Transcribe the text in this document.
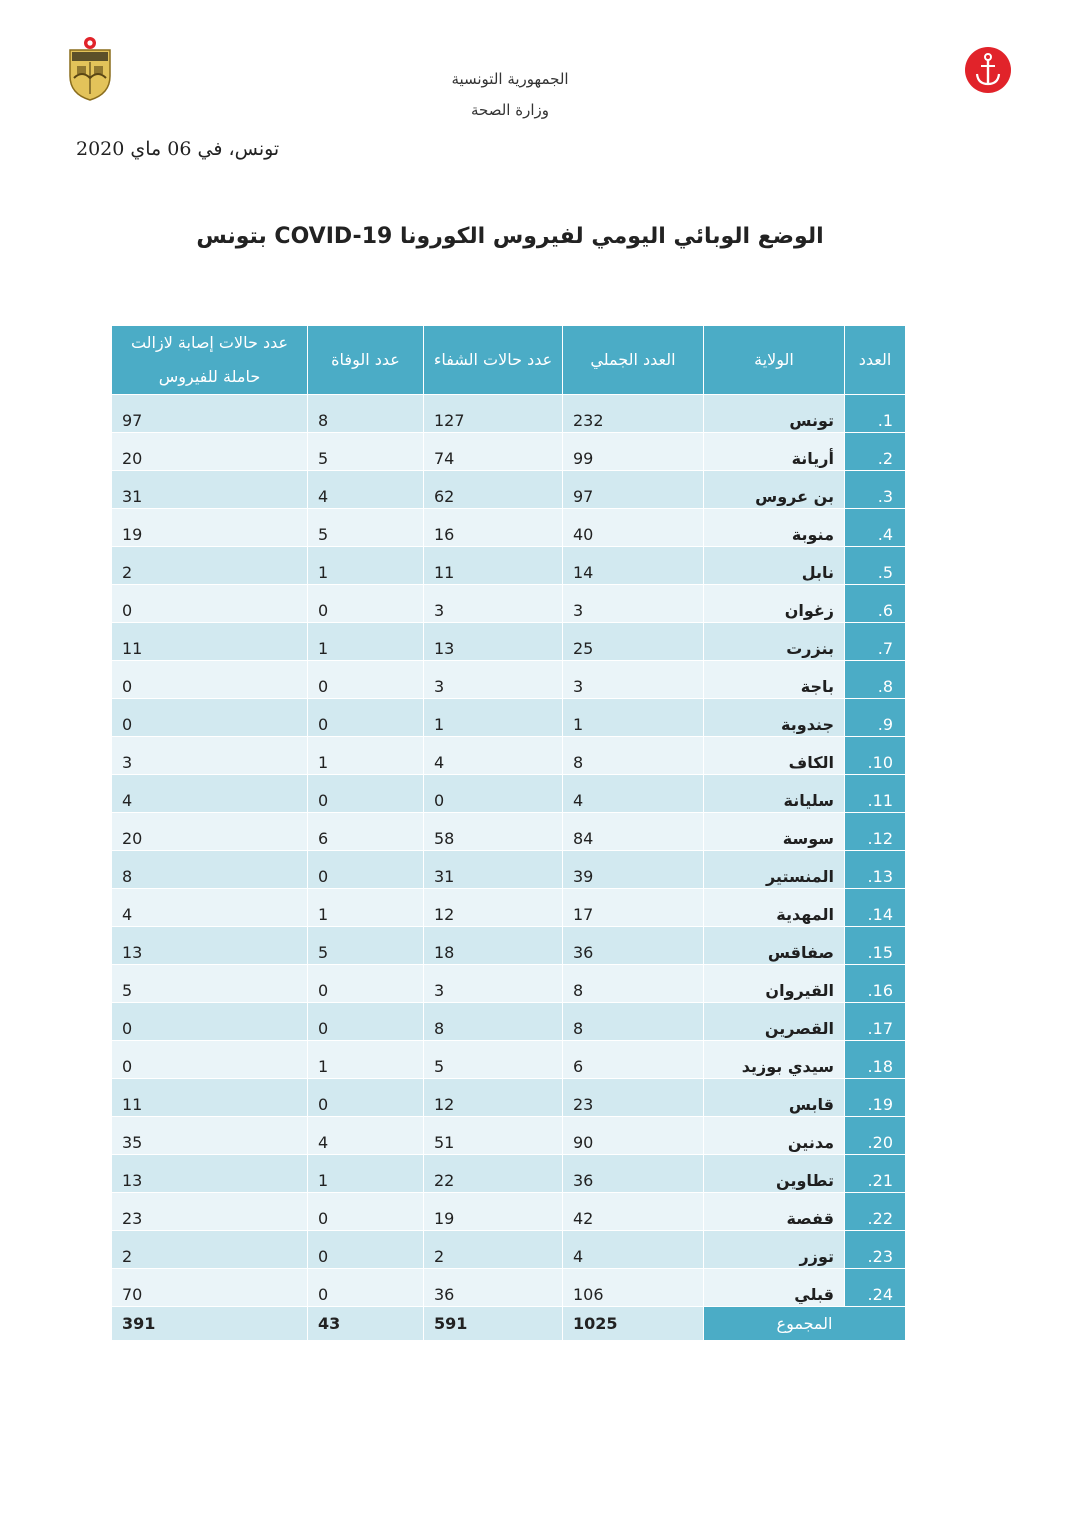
الجمهورية التونسية
وزارة الصحة
تونس، في 06 ماي 2020
الوضع الوبائي اليومي لفيروس الكورونا COVID-19 بتونس
العدد	الولاية	العدد الجملي	عدد حالات الشفاء	عدد الوفاة	عدد حالات إصابة لازالت حاملة للفيروس
1.	تونس	232	127	8	97
2.	أريانة	99	74	5	20
3.	بن عروس	97	62	4	31
4.	منوبة	40	16	5	19
5.	نابل	14	11	1	2
6.	زغوان	3	3	0	0
7.	بنزرت	25	13	1	11
8.	باجة	3	3	0	0
9.	جندوبة	1	1	0	0
10.	الكاف	8	4	1	3
11.	سليانة	4	0	0	4
12.	سوسة	84	58	6	20
13.	المنستير	39	31	0	8
14.	المهدية	17	12	1	4
15.	صفاقس	36	18	5	13
16.	القيروان	8	3	0	5
17.	القصرين	8	8	0	0
18.	سيدي بوزيد	6	5	1	0
19.	قابس	23	12	0	11
20.	مدنين	90	51	4	35
21.	تطاوين	36	22	1	13
22.	قفصة	42	19	0	23
23.	توزر	4	2	0	2
24.	قبلي	106	36	0	70
المجموع		1025	591	43	391
